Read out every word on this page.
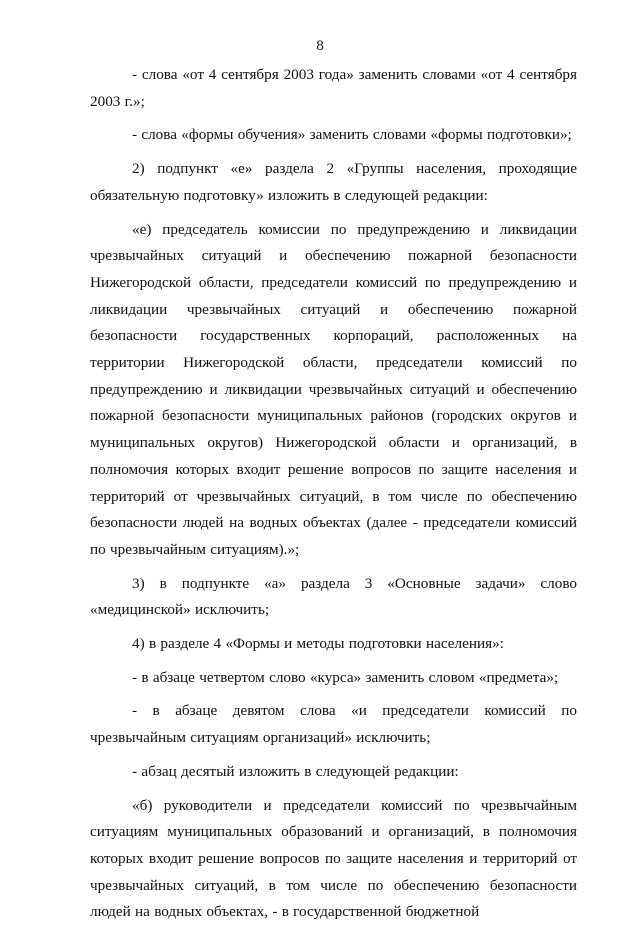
8

- слова «от 4 сентября 2003 года» заменить словами «от 4 сентября 2003 г.»;

- слова «формы обучения» заменить словами «формы подготовки»;

2) подпункт «е» раздела 2 «Группы населения, проходящие обязательную подготовку» изложить в следующей редакции:

«е) председатель комиссии по предупреждению и ликвидации чрезвычайных ситуаций и обеспечению пожарной безопасности Нижегородской области, председатели комиссий по предупреждению и ликвидации чрезвычайных ситуаций и обеспечению пожарной безопасности государственных корпораций, расположенных на территории Нижегородской области, председатели комиссий по предупреждению и ликвидации чрезвычайных ситуаций и обеспечению пожарной безопасности муниципальных районов (городских округов и муниципальных округов) Нижегородской области и организаций, в полномочия которых входит решение вопросов по защите населения и территорий от чрезвычайных ситуаций, в том числе по обеспечению безопасности людей на водных объектах (далее - председатели комиссий по чрезвычайным ситуациям).»;

3) в подпункте «а» раздела 3 «Основные задачи» слово «медицинской» исключить;

4) в разделе 4 «Формы и методы подготовки населения»:

- в абзаце четвертом слово «курса» заменить словом «предмета»;

- в абзаце девятом слова «и председатели комиссий по чрезвычайным ситуациям организаций» исключить;

- абзац десятый изложить в следующей редакции:

«б) руководители и председатели комиссий по чрезвычайным ситуациям муниципальных образований и организаций, в полномочия которых входит решение вопросов по защите населения и территорий от чрезвычайных ситуаций, в том числе по обеспечению безопасности людей на водных объектах, - в государственной бюджетной
